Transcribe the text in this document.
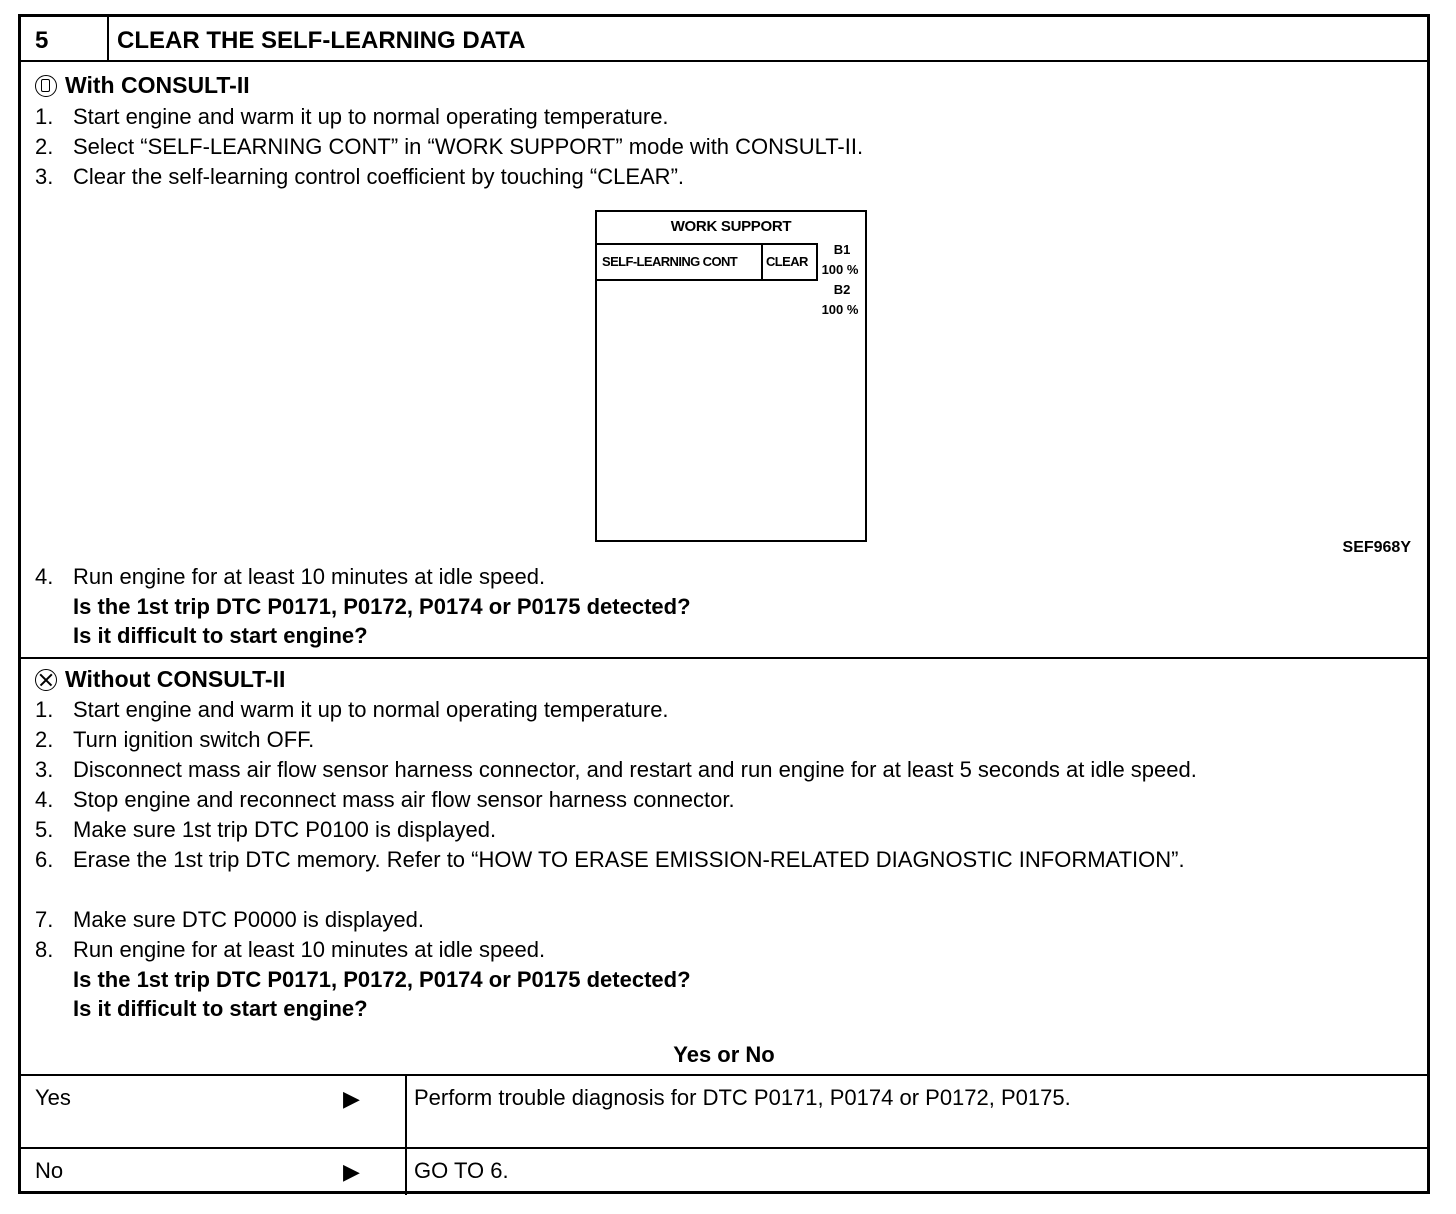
5	CLEAR THE SELF-LEARNING DATA
With CONSULT-II
1. Start engine and warm it up to normal operating temperature.
2. Select “SELF-LEARNING CONT” in “WORK SUPPORT” mode with CONSULT-II.
3. Clear the self-learning control coefficient by touching “CLEAR”.
WORK SUPPORT
SELF-LEARNING CONT CLEAR
B1
100 %
B2
100 %
SEF968Y
4. Run engine for at least 10 minutes at idle speed.
Is the 1st trip DTC P0171, P0172, P0174 or P0175 detected?
Is it difficult to start engine?
Without CONSULT-II
1. Start engine and warm it up to normal operating temperature.
2. Turn ignition switch OFF.
3. Disconnect mass air flow sensor harness connector, and restart and run engine for at least 5 seconds at idle speed.
4. Stop engine and reconnect mass air flow sensor harness connector.
5. Make sure 1st trip DTC P0100 is displayed.
6. Erase the 1st trip DTC memory. Refer to “HOW TO ERASE EMISSION-RELATED DIAGNOSTIC INFORMATION”.
7. Make sure DTC P0000 is displayed.
8. Run engine for at least 10 minutes at idle speed.
Is the 1st trip DTC P0171, P0172, P0174 or P0175 detected?
Is it difficult to start engine?
Yes or No
Yes	▶ Perform trouble diagnosis for DTC P0171, P0174 or P0172, P0175.
No	▶ GO TO 6.
